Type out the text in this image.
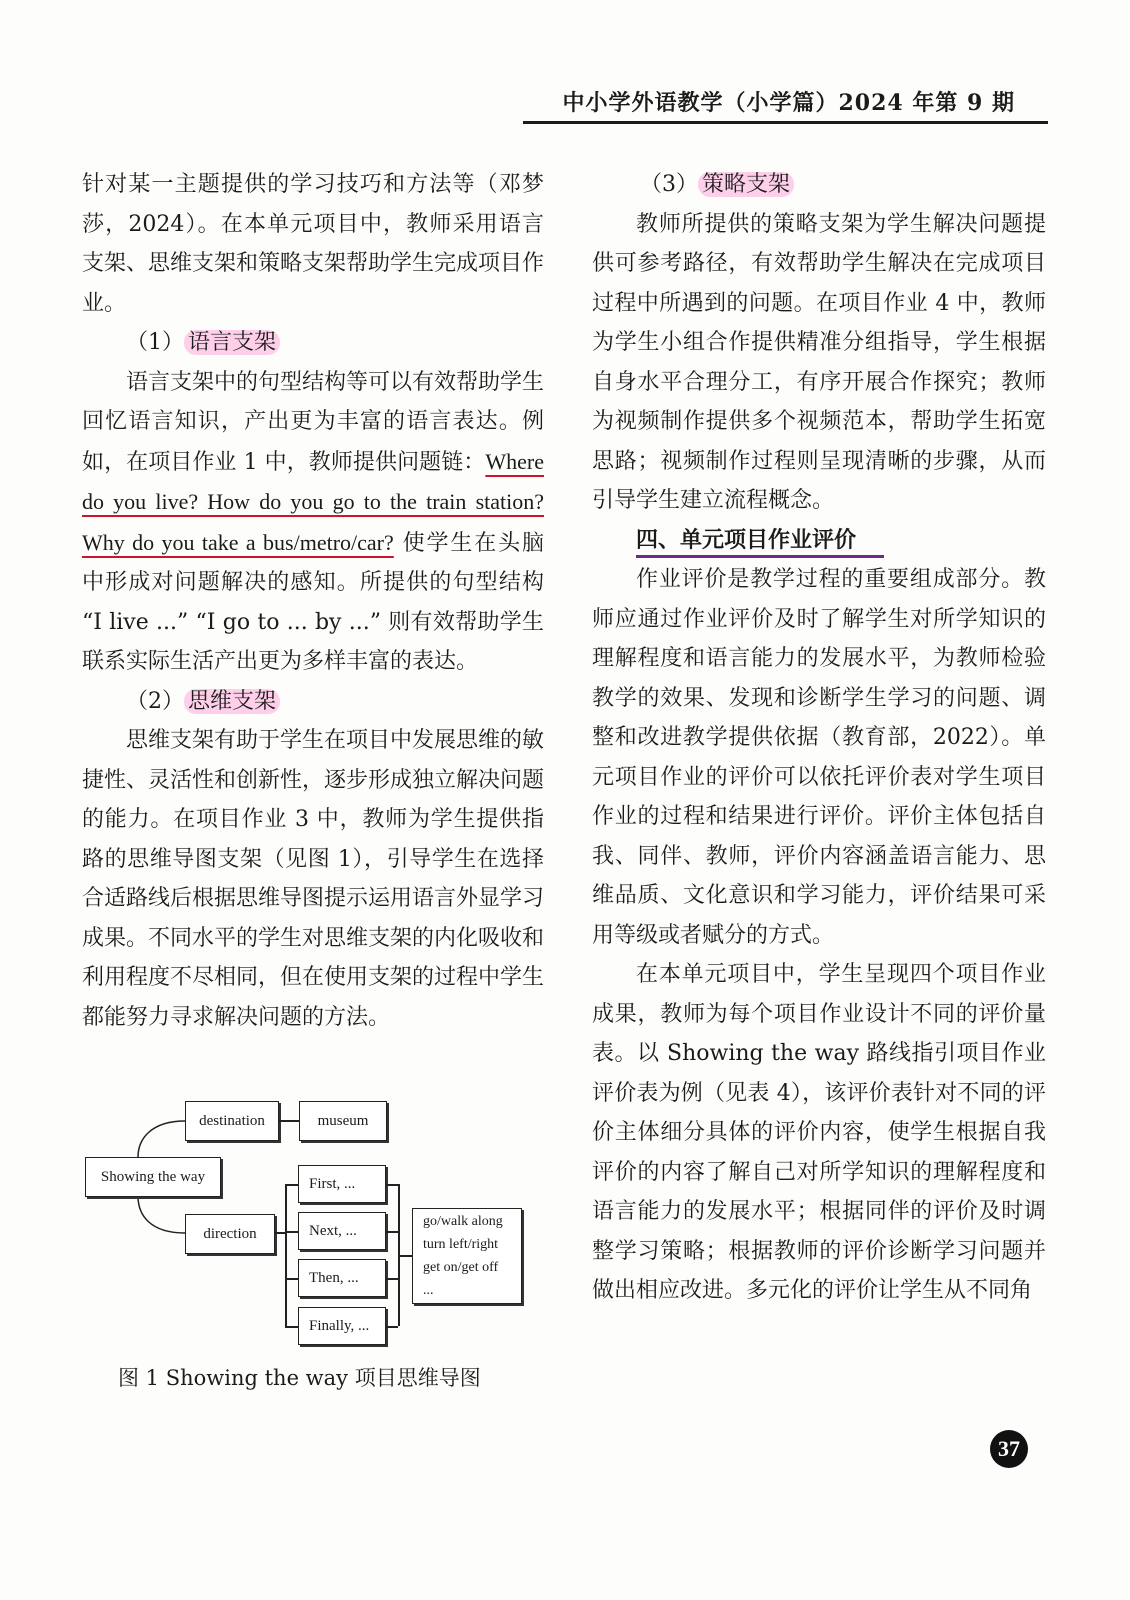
中小学外语教学（小学篇）2024 年第 9 期

针对某一主题提供的学习技巧和方法等（邓梦莎，2024）。在本单元项目中，教师采用语言支架、思维支架和策略支架帮助学生完成项目作业。

（1） 语言支架

语言支架中的句型结构等可以有效帮助学生回忆语言知识，产出更为丰富的语言表达。例如，在项目作业 1 中，教师提供问题链：Where do you live? How do you go to the train station? Why do you take a bus/metro/car? 使学生在头脑中形成对问题解决的感知。所提供的句型结构 “I live ...” “I go to ... by ...” 则有效帮助学生联系实际生活产出更为多样丰富的表达。

（2） 思维支架

思维支架有助于学生在项目中发展思维的敏捷性、灵活性和创新性，逐步形成独立解决问题的能力。在项目作业 3 中，教师为学生提供指路的思维导图支架（见图 1），引导学生在选择合适路线后根据思维导图提示运用语言外显学习成果。不同水平的学生对思维支架的内化吸收和利用程度不尽相同，但在使用支架的过程中学生都能努力寻求解决问题的方法。

destination	museum
Showing the way
direction
First, ...
Next, ...
Then, ...
Finally, ...
go/walk along
turn left/right
get on/get off
...
图 1 Showing the way 项目思维导图

（3） 策略支架

教师所提供的策略支架为学生解决问题提供可参考路径，有效帮助学生解决在完成项目过程中所遇到的问题。在项目作业 4 中，教师为学生小组合作提供精准分组指导，学生根据自身水平合理分工，有序开展合作探究；教师为视频制作提供多个视频范本，帮助学生拓宽思路；视频制作过程则呈现清晰的步骤，从而引导学生建立流程概念。

四、单元项目作业评价

作业评价是教学过程的重要组成部分。教师应通过作业评价及时了解学生对所学知识的理解程度和语言能力的发展水平，为教师检验教学的效果、发现和诊断学生学习的问题、调整和改进教学提供依据（教育部，2022）。单元项目作业的评价可以依托评价表对学生项目作业的过程和结果进行评价。评价主体包括自我、同伴、教师，评价内容涵盖语言能力、思维品质、文化意识和学习能力，评价结果可采用等级或者赋分的方式。

在本单元项目中，学生呈现四个项目作业成果，教师为每个项目作业设计不同的评价量表。以 Showing the way 路线指引项目作业评价表为例（见表 4），该评价表针对不同的评价主体细分具体的评价内容，使学生根据自我评价的内容了解自己对所学知识的理解程度和语言能力的发展水平；根据同伴的评价及时调整学习策略；根据教师的评价诊断学习问题并做出相应改进。多元化的评价让学生从不同角

37
